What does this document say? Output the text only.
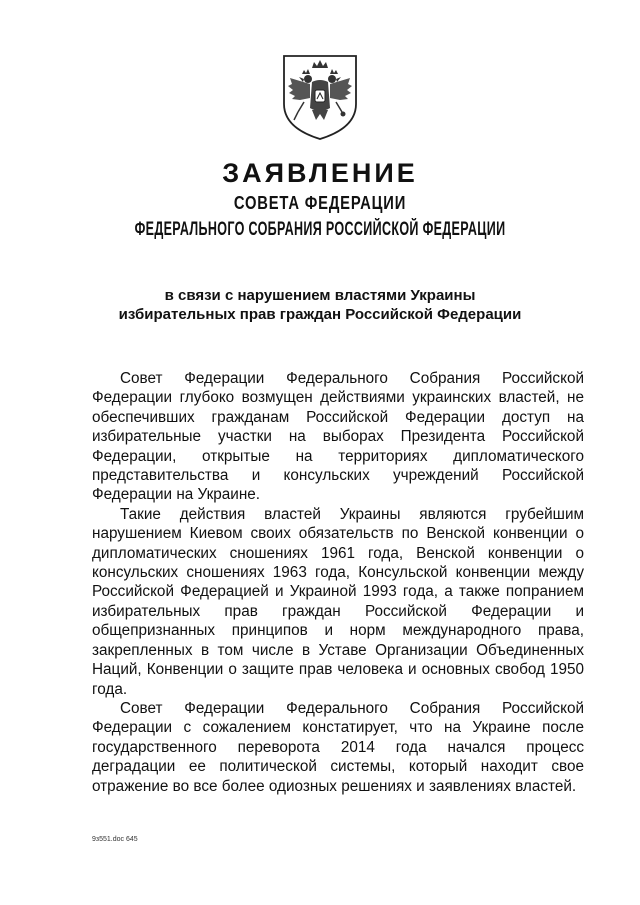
ЗАЯВЛЕНИЕ
СОВЕТА ФЕДЕРАЦИИ
ФЕДЕРАЛЬНОГО СОБРАНИЯ РОССИЙСКОЙ ФЕДЕРАЦИИ
в связи с нарушением властями Украины
избирательных прав граждан Российской Федерации

Совет Федерации Федерального Собрания Российской Федерации глубоко возмущен действиями украинских властей, не обеспечивших гражданам Российской Федерации доступ на избирательные участки на выборах Президента Российской Федерации, открытые на территориях дипломатического представительства и консульских учреждений Российской Федерации на Украине.

Такие действия властей Украины являются грубейшим нарушением Киевом своих обязательств по Венской конвенции о дипломатических сношениях 1961 года, Венской конвенции о консульских сношениях 1963 года, Консульской конвенции между Российской Федерацией и Украиной 1993 года, а также попранием избирательных прав граждан Российской Федерации и общепризнанных принципов и норм международного права, закрепленных в том числе в Уставе Организации Объединенных Наций, Конвенции о защите прав человека и основных свобод 1950 года.

Совет Федерации Федерального Собрания Российской Федерации с сожалением констатирует, что на Украине после государственного переворота 2014 года начался процесс деградации ее политической системы, который находит свое отражение во все более одиозных решениях и заявлениях властей.

9з551.doc 645
